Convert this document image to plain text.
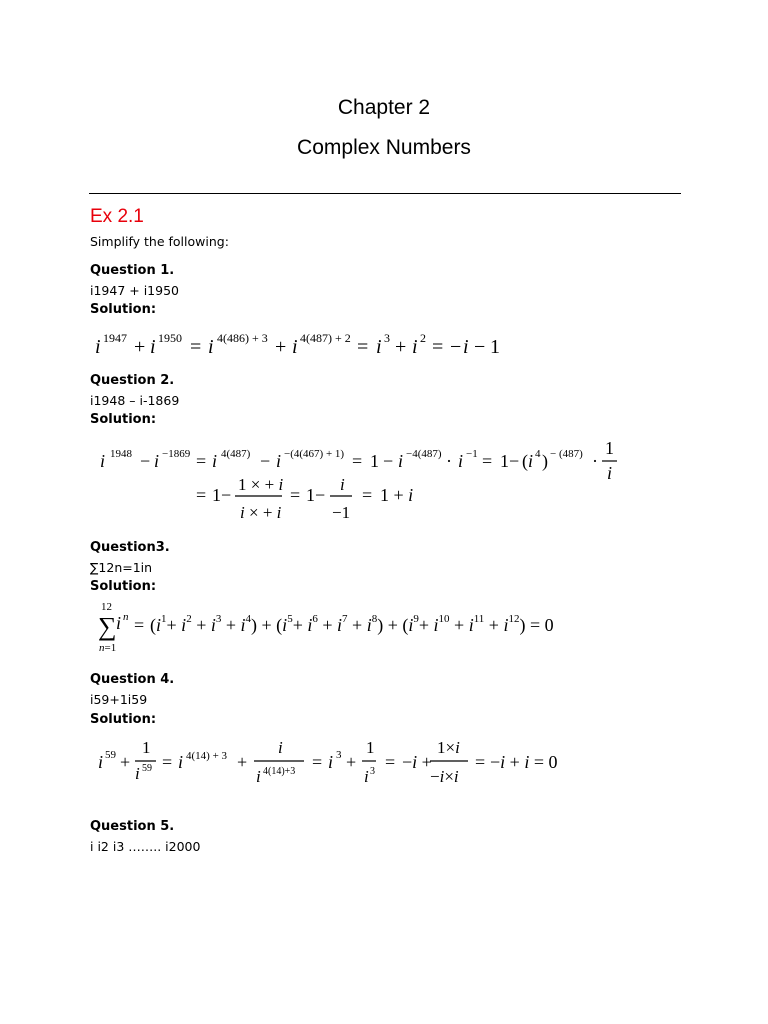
Chapter 2
Complex Numbers
Ex 2.1
Simplify the following:
Question 1.
i1947 + i1950
Solution:
i 1947 + i 1950 = i 4(486) + 3 + i 4(487) + 2 = i 3 + i 2 = − i − 1
Question 2.
i1948 – i-1869
Solution:
i 1948 − i −1869 = i 4(487) − i −(4(467) + 1) = 1 − i −4(487) · i −1 = 1− ( i 4 ) − (487) ·
1
i
= 1−
1 × + i
i × + i
= 1−
i
−1
= 1 + i
Question3.
∑12n=1in
Solution:
12
∑ i n
n=1
= $(i^1+ i^2 + i^3 + i^4) + (i^5+ i^6 + i^7 + i^8) + (i^9+ i^{10} + i^{11} + i^{12}) = 0$
Question 4.
i59+1i59
Solution:
i 59 +
1
i 59 = i 4(14) + 3 +
i
i 4(14)+3 = i 3 +
1
i 3 = −i +
1×i
−i×i
= −i + i = 0
Question 5.
i i2 i3 …….. i2000
